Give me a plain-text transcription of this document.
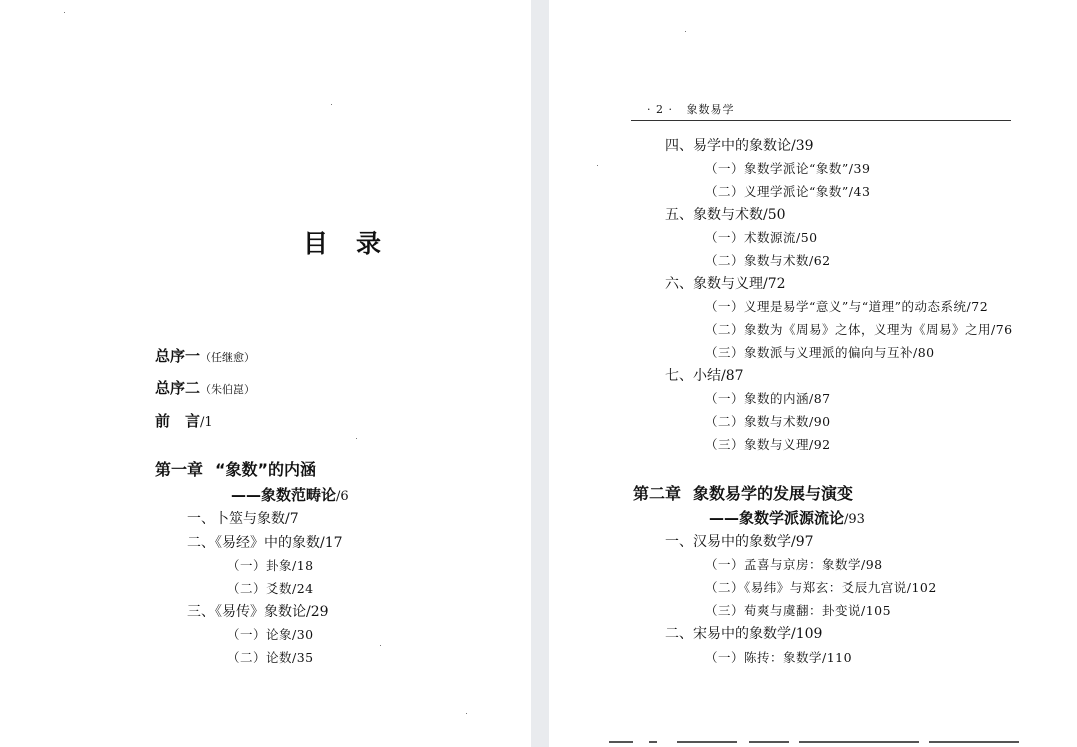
目 录
总序一（任继愈）
总序二（朱伯崑）
前　言/1
第一章 “象数”的内涵
——象数范畴论/6
一、卜筮与象数/7
二、《易经》中的象数/17
（一）卦象/18
（二）爻数/24
三、《易传》象数论/29
（一）论象/30
（二）论数/35
· 2 · 象数易学
四、易学中的象数论/39
（一）象数学派论“象数”/39
（二）义理学派论“象数”/43
五、象数与术数/50
（一）术数源流/50
（二）象数与术数/62
六、象数与义理/72
（一）义理是易学“意义”与“道理”的动态系统/72
（二）象数为《周易》之体，义理为《周易》之用/76
（三）象数派与义理派的偏向与互补/80
七、小结/87
（一）象数的内涵/87
（二）象数与术数/90
（三）象数与义理/92
第二章 象数易学的发展与演变
——象数学派源流论/93
一、汉易中的象数学/97
（一）孟喜与京房：象数学/98
（二）《易纬》与郑玄：爻辰九宫说/102
（三）荀爽与虞翻：卦变说/105
二、宋易中的象数学/109
（一）陈抟：象数学/110
